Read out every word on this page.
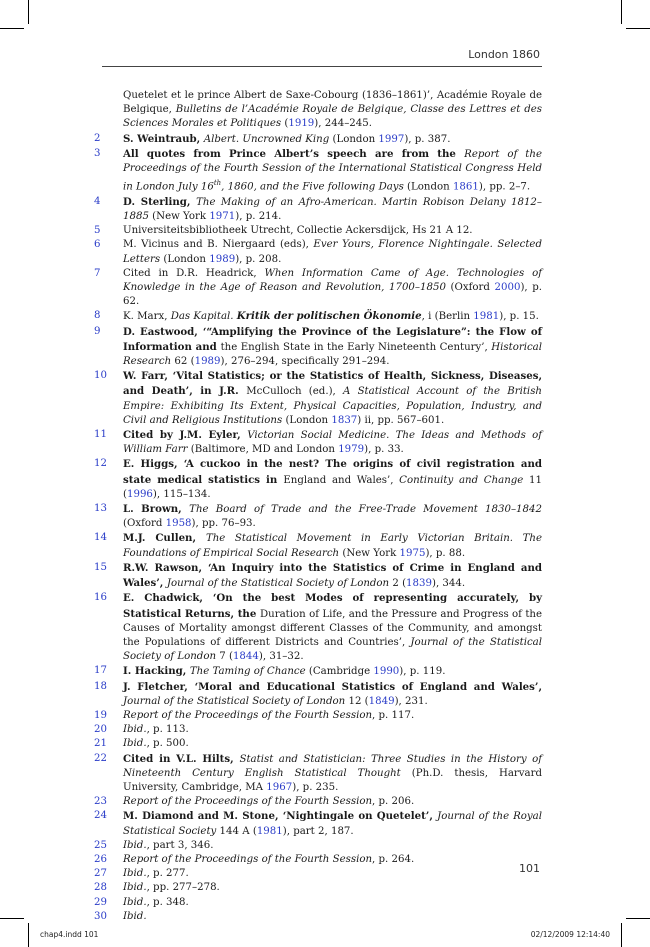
London 1860
Quetelet et le prince Albert de Saxe-Cobourg (1836–1861)’, Académie Royale de Belgique, Bulletins de l’Académie Royale de Belgique, Classe des Lettres et des Sciences Morales et Politiques (1919), 244–245.
2	S. Weintraub, Albert. Uncrowned King (London 1997), p. 387.
3	All quotes from Prince Albert’s speech are from the Report of the Proceedings of the Fourth Session of the International Statistical Congress Held in London July 16th, 1860, and the Five following Days (London 1861), pp. 2–7.
4	D. Sterling, The Making of an Afro-American. Martin Robison Delany 1812–1885 (New York 1971), p. 214.
5	Universiteitsbibliotheek Utrecht, Collectie Ackersdijck, Hs 21 A 12.
6	M. Vicinus and B. Niergaard (eds), Ever Yours, Florence Nightingale. Selected Letters (London 1989), p. 208.
7	Cited in D.R. Headrick, When Information Came of Age. Technologies of Knowledge in the Age of Reason and Revolution, 1700–1850 (Oxford 2000), p. 62.
8	K. Marx, Das Kapital. Kritik der politischen Ökonomie, i (Berlin 1981), p. 15.
9	D. Eastwood, ‘“Amplifying the Province of the Legislature”: the Flow of Information and the English State in the Early Nineteenth Century’, Historical Research 62 (1989), 276–294, specifically 291–294.
10	W. Farr, ‘Vital Statistics; or the Statistics of Health, Sickness, Diseases, and Death’, in J.R. McCulloch (ed.), A Statistical Account of the British Empire: Exhibiting Its Extent, Physical Capacities, Population, Industry, and Civil and Religious Institutions (London 1837) ii, pp. 567–601.
11	Cited by J.M. Eyler, Victorian Social Medicine. The Ideas and Methods of William Farr (Baltimore, MD and London 1979), p. 33.
12	E. Higgs, ‘A cuckoo in the nest? The origins of civil registration and state medical statistics in England and Wales’, Continuity and Change 11 (1996), 115–134.
13	L. Brown, The Board of Trade and the Free-Trade Movement 1830–1842 (Oxford 1958), pp. 76–93.
14	M.J. Cullen, The Statistical Movement in Early Victorian Britain. The Foundations of Empirical Social Research (New York 1975), p. 88.
15	R.W. Rawson, ‘An Inquiry into the Statistics of Crime in England and Wales’, Journal of the Statistical Society of London 2 (1839), 344.
16	E. Chadwick, ‘On the best Modes of representing accurately, by Statistical Returns, the Duration of Life, and the Pressure and Progress of the Causes of Mortality amongst different Classes of the Community, and amongst the Populations of different Districts and Countries’, Journal of the Statistical Society of London 7 (1844), 31–32.
17	I. Hacking, The Taming of Chance (Cambridge 1990), p. 119.
18	J. Fletcher, ‘Moral and Educational Statistics of England and Wales’, Journal of the Statistical Society of London 12 (1849), 231.
19	Report of the Proceedings of the Fourth Session, p. 117.
20	Ibid., p. 113.
21	Ibid., p. 500.
22	Cited in V.L. Hilts, Statist and Statistician: Three Studies in the History of Nineteenth Century English Statistical Thought (Ph.D. thesis, Harvard University, Cambridge, MA 1967), p. 235.
23	Report of the Proceedings of the Fourth Session, p. 206.
24	M. Diamond and M. Stone, ‘Nightingale on Quetelet’, Journal of the Royal Statistical Society 144 A (1981), part 2, 187.
25	Ibid., part 3, 346.
26	Report of the Proceedings of the Fourth Session, p. 264.
27	Ibid., p. 277.
28	Ibid., pp. 277–278.
29	Ibid., p. 348.
30	Ibid.
101
chap4.indd 101	02/12/2009 12:14:40
